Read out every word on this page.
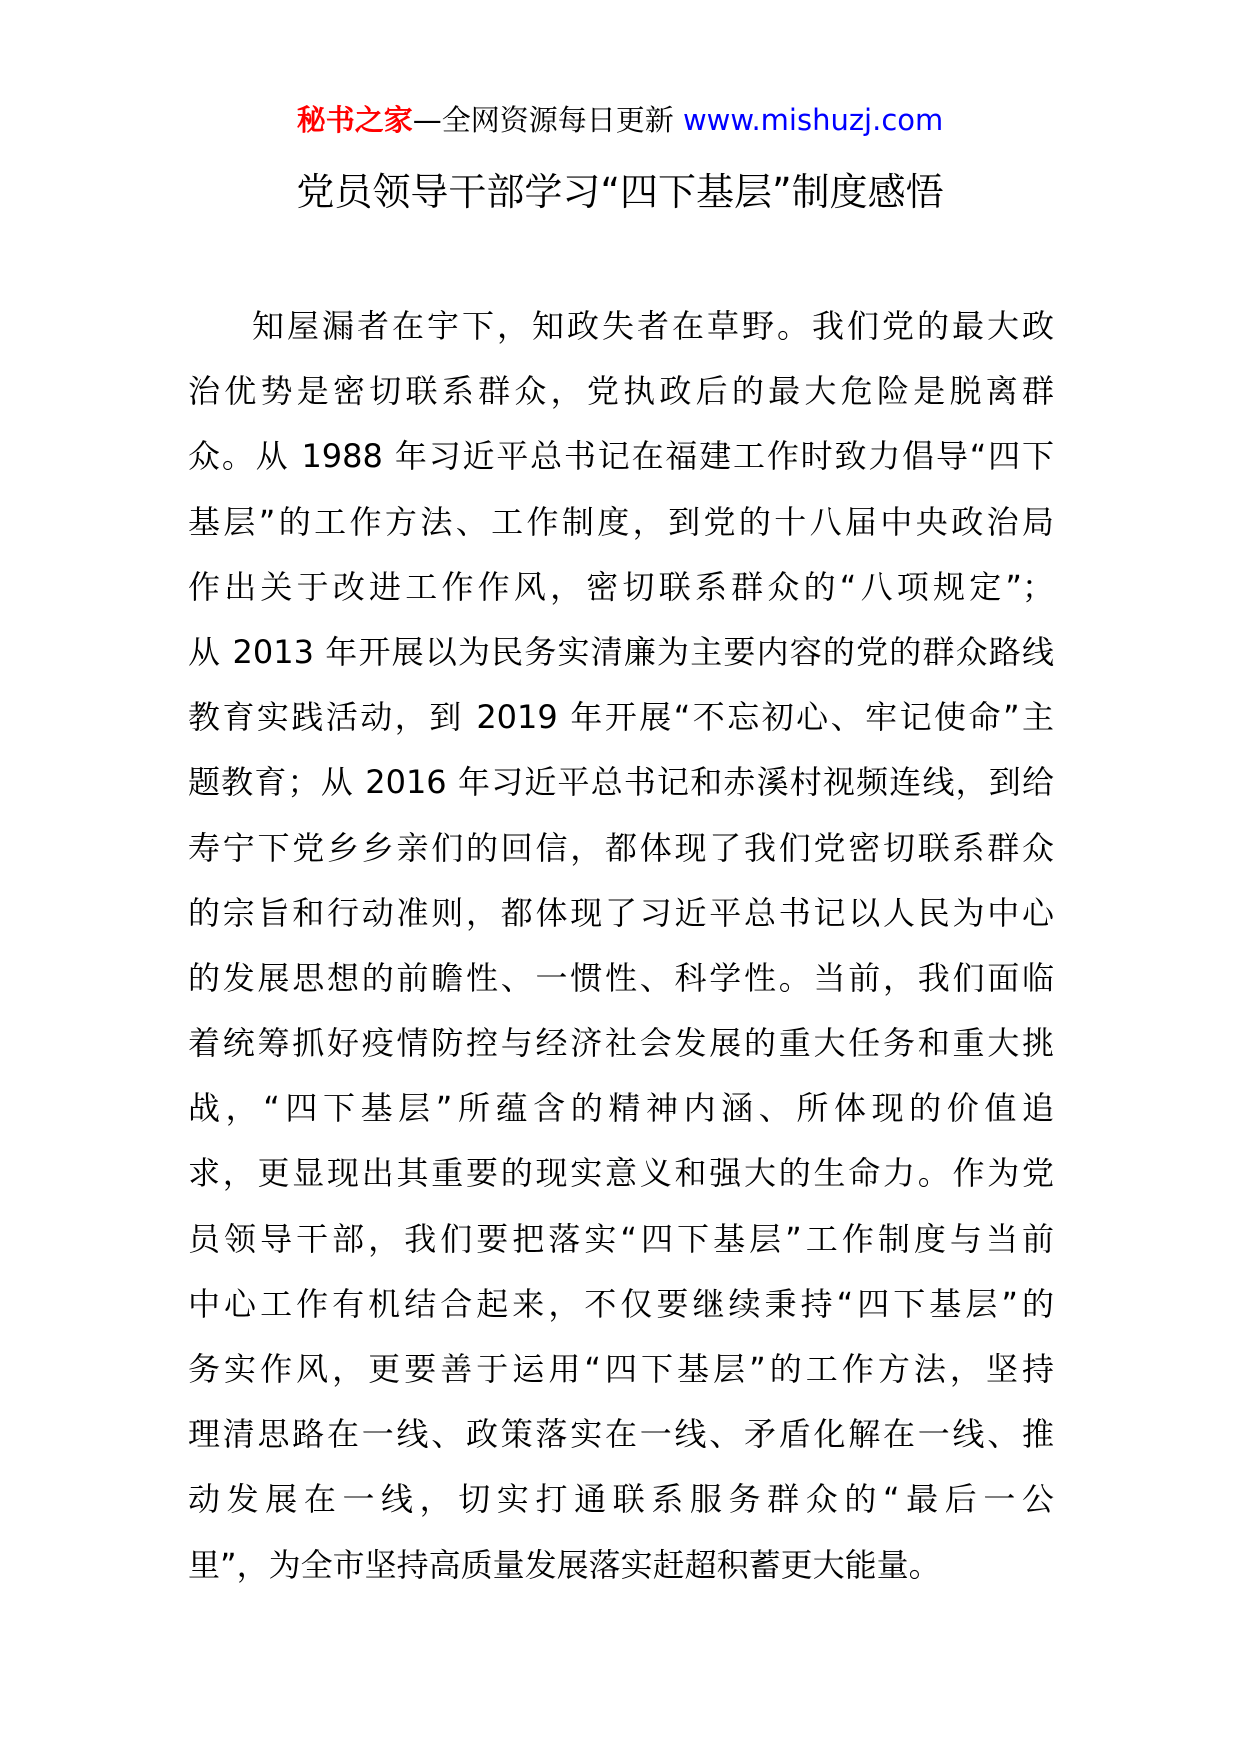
秘书之家—全网资源每日更新 www.mishuzj.com
党员领导干部学习“四下基层”制度感悟
知屋漏者在宇下，知政失者在草野。我们党的最大政
治优势是密切联系群众，党执政后的最大危险是脱离群
众。从 1988 年习近平总书记在福建工作时致力倡导“四下
基层”的工作方法、工作制度，到党的十八届中央政治局
作出关于改进工作作风，密切联系群众的“八项规定”；
从 2013 年开展以为民务实清廉为主要内容的党的群众路线
教育实践活动，到 2019 年开展“不忘初心、牢记使命”主
题教育；从 2016 年习近平总书记和赤溪村视频连线，到给
寿宁下党乡乡亲们的回信，都体现了我们党密切联系群众
的宗旨和行动准则，都体现了习近平总书记以人民为中心
的发展思想的前瞻性、一惯性、科学性。当前，我们面临
着统筹抓好疫情防控与经济社会发展的重大任务和重大挑
战，“四下基层”所蕴含的精神内涵、所体现的价值追
求，更显现出其重要的现实意义和强大的生命力。作为党
员领导干部，我们要把落实“四下基层”工作制度与当前
中心工作有机结合起来，不仅要继续秉持“四下基层”的
务实作风，更要善于运用“四下基层”的工作方法，坚持
理清思路在一线、政策落实在一线、矛盾化解在一线、推
动发展在一线，切实打通联系服务群众的“最后一公
里”，为全市坚持高质量发展落实赶超积蓄更大能量。
